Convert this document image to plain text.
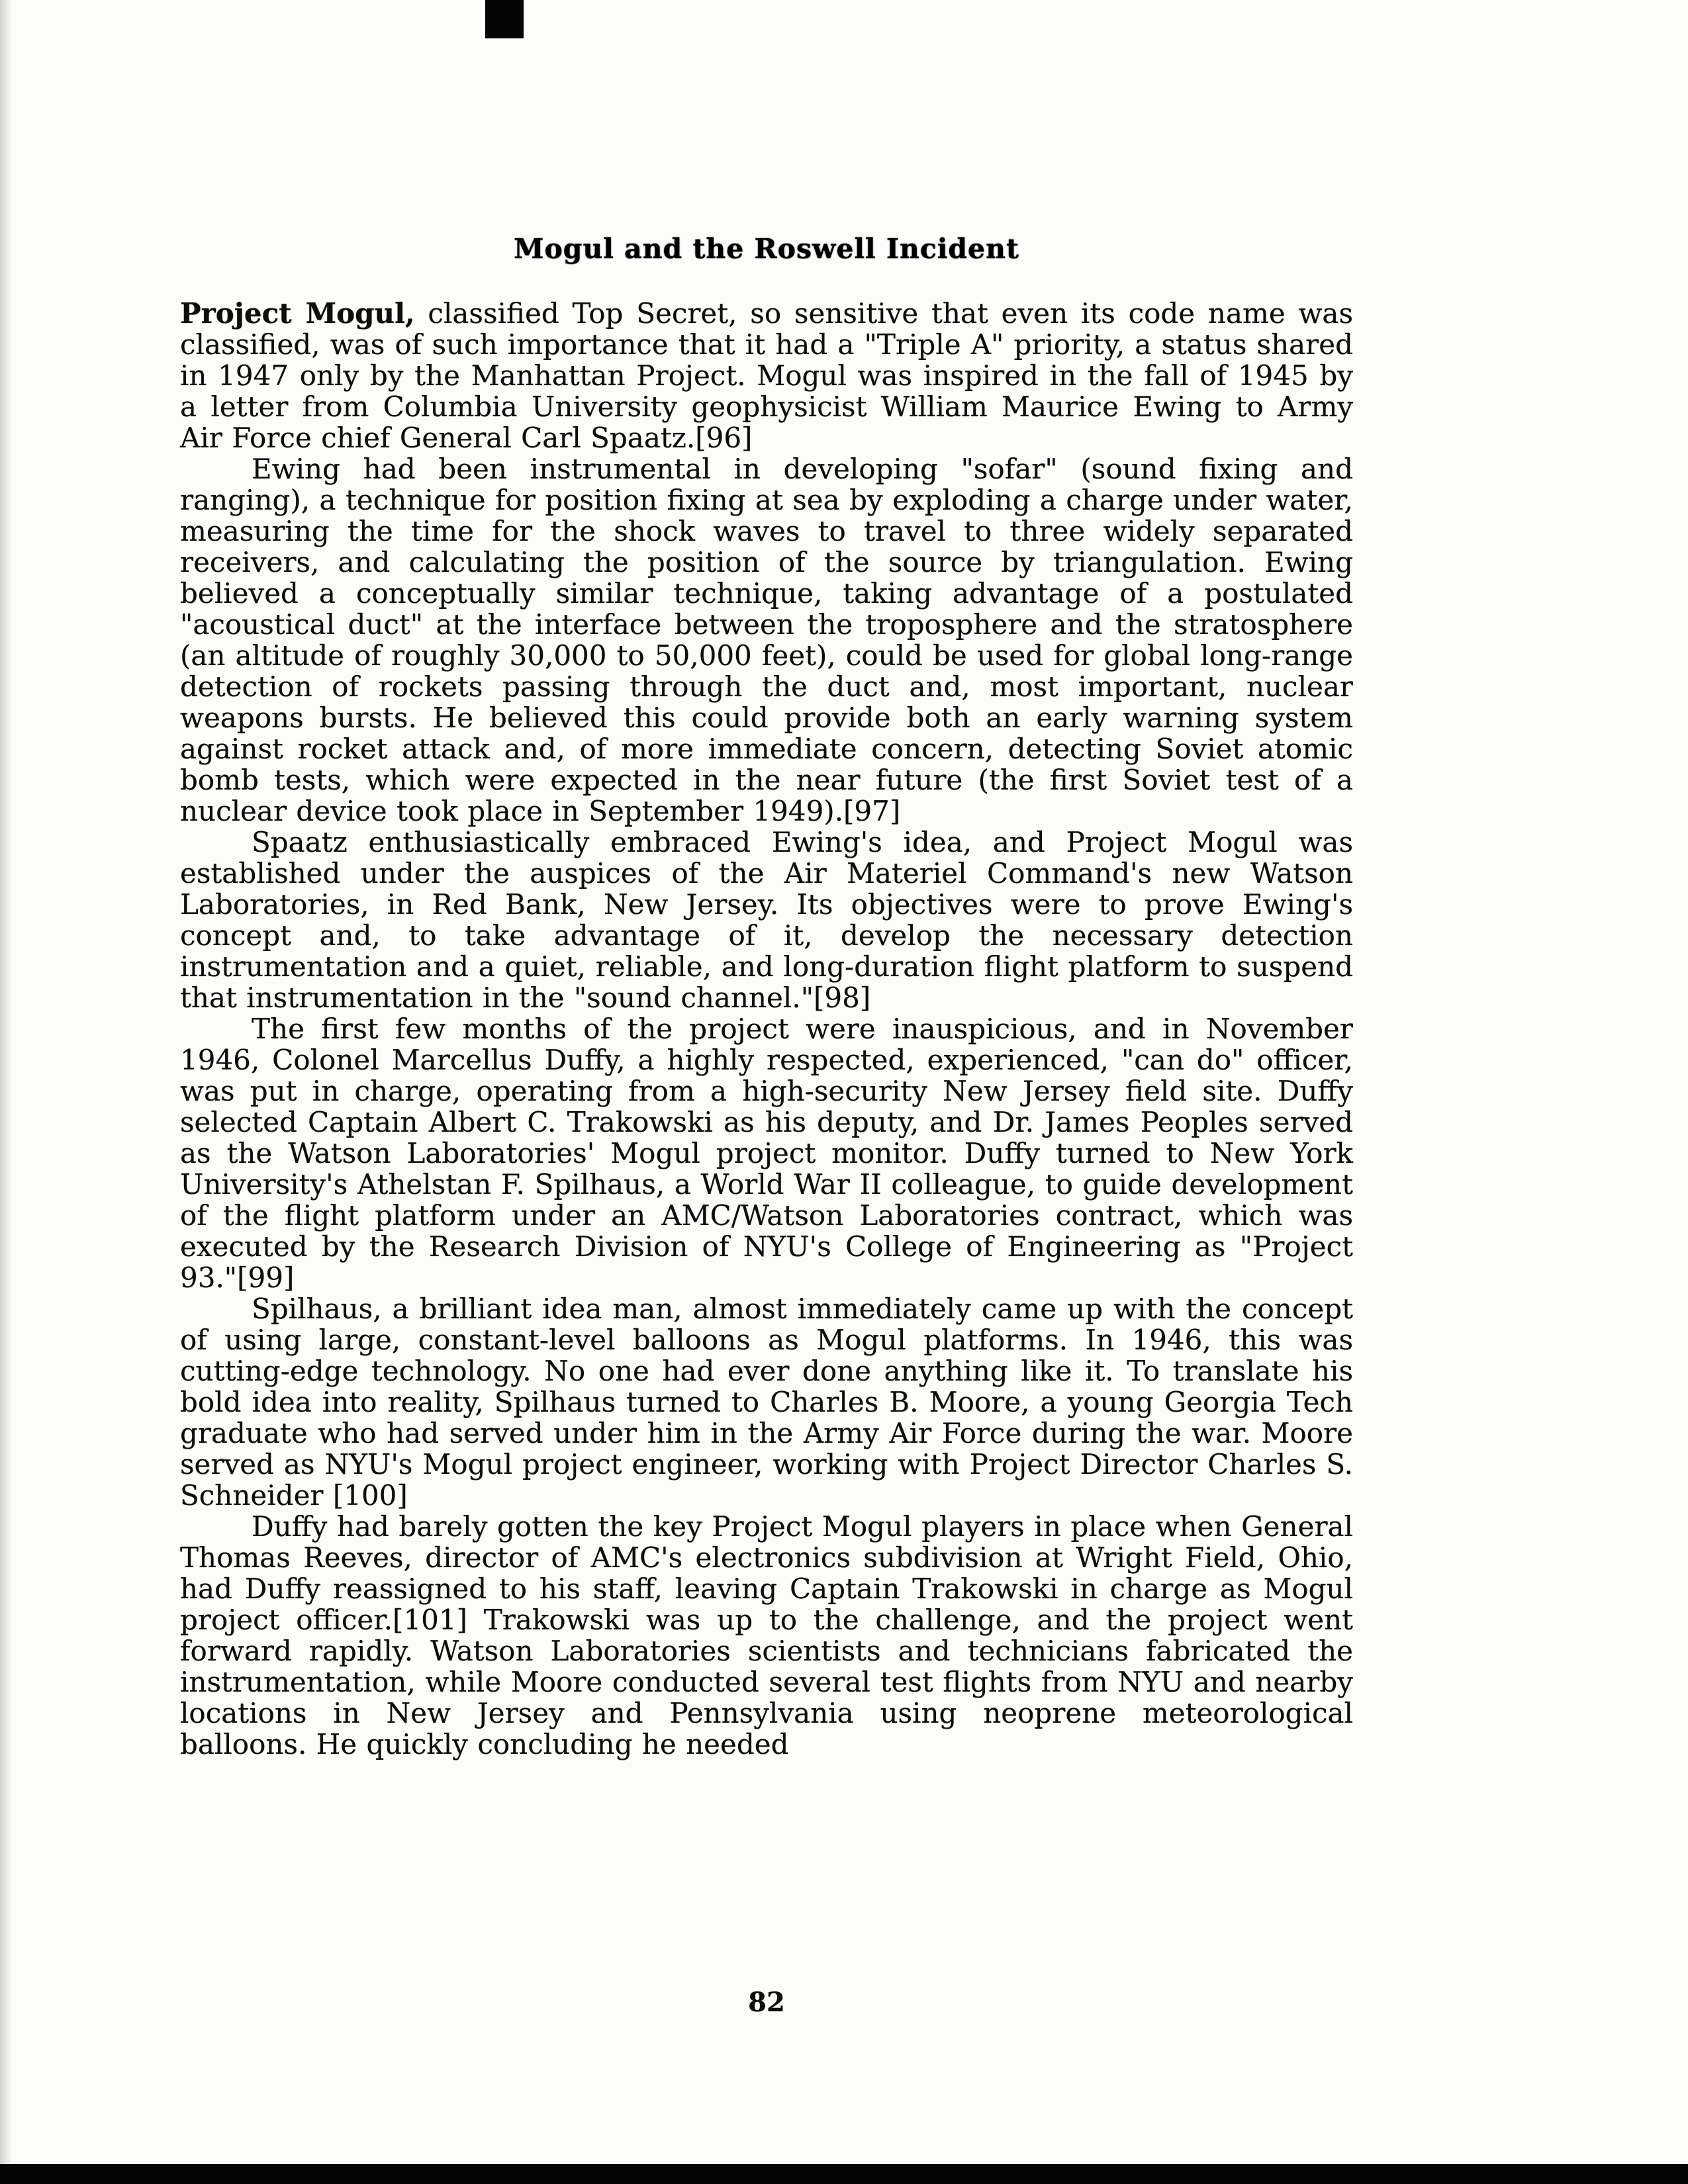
Mogul and the Roswell Incident

Project Mogul, classified Top Secret, so sensitive that even its code name was classified, was of such importance that it had a "Triple A" priority, a status shared in 1947 only by the Manhattan Project. Mogul was inspired in the fall of 1945 by a letter from Columbia University geophysicist William Maurice Ewing to Army Air Force chief General Carl Spaatz.[96]

Ewing had been instrumental in developing "sofar" (sound fixing and ranging), a technique for position fixing at sea by exploding a charge under water, measuring the time for the shock waves to travel to three widely separated receivers, and calculating the position of the source by triangulation. Ewing believed a conceptually similar technique, taking advantage of a postulated "acoustical duct" at the interface between the troposphere and the stratosphere (an altitude of roughly 30,000 to 50,000 feet), could be used for global long-range detection of rockets passing through the duct and, most important, nuclear weapons bursts. He believed this could provide both an early warning system against rocket attack and, of more immediate concern, detecting Soviet atomic bomb tests, which were expected in the near future (the first Soviet test of a nuclear device took place in September 1949).[97]

Spaatz enthusiastically embraced Ewing's idea, and Project Mogul was established under the auspices of the Air Materiel Command's new Watson Laboratories, in Red Bank, New Jersey. Its objectives were to prove Ewing's concept and, to take advantage of it, develop the necessary detection instrumentation and a quiet, reliable, and long-duration flight platform to suspend that instrumentation in the "sound channel."[98]

The first few months of the project were inauspicious, and in November 1946, Colonel Marcellus Duffy, a highly respected, experienced, "can do" officer, was put in charge, operating from a high-security New Jersey field site. Duffy selected Captain Albert C. Trakowski as his deputy, and Dr. James Peoples served as the Watson Laboratories' Mogul project monitor. Duffy turned to New York University's Athelstan F. Spilhaus, a World War II colleague, to guide development of the flight platform under an AMC/Watson Laboratories contract, which was executed by the Research Division of NYU's College of Engineering as "Project 93."[99]

Spilhaus, a brilliant idea man, almost immediately came up with the concept of using large, constant-level balloons as Mogul platforms. In 1946, this was cutting-edge technology. No one had ever done anything like it. To translate his bold idea into reality, Spilhaus turned to Charles B. Moore, a young Georgia Tech graduate who had served under him in the Army Air Force during the war. Moore served as NYU's Mogul project engineer, working with Project Director Charles S. Schneider [100]

Duffy had barely gotten the key Project Mogul players in place when General Thomas Reeves, director of AMC's electronics subdivision at Wright Field, Ohio, had Duffy reassigned to his staff, leaving Captain Trakowski in charge as Mogul project officer.[101] Trakowski was up to the challenge, and the project went forward rapidly. Watson Laboratories scientists and technicians fabricated the instrumentation, while Moore conducted several test flights from NYU and nearby locations in New Jersey and Pennsylvania using neoprene meteorological balloons. He quickly concluding he needed

82
